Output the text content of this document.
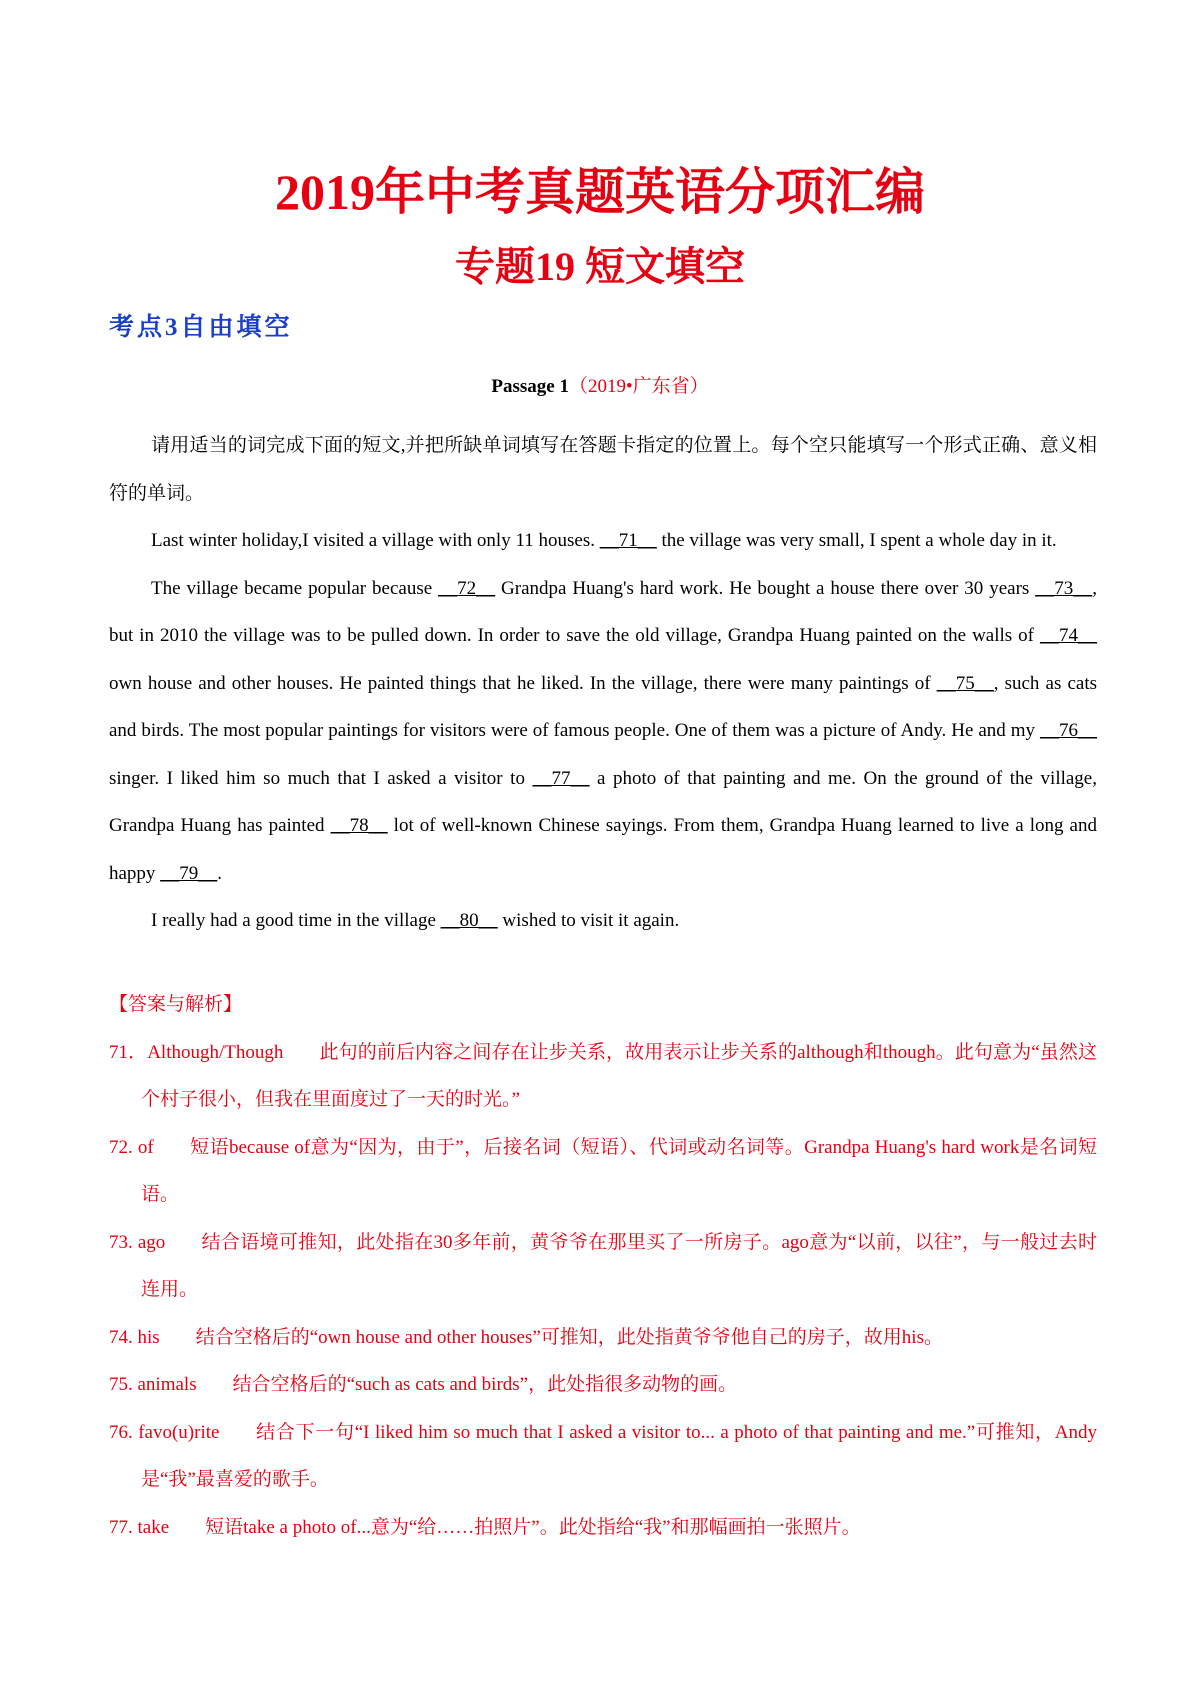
2019年中考真题英语分项汇编
专题19 短文填空
考点3自由填空
Passage 1（2019•广东省）

请用适当的词完成下面的短文,并把所缺单词填写在答题卡指定的位置上。每个空只能填写一个形式正确、意义相符的单词。

Last winter holiday,I visited a village with only 11 houses. __71__ the village was very small, I spent a whole day in it.

The village became popular because __72__ Grandpa Huang's hard work. He bought a house there over 30 years __73__, but in 2010 the village was to be pulled down. In order to save the old village, Grandpa Huang painted on the walls of __74__ own house and other houses. He painted things that he liked. In the village, there were many paintings of __75__, such as cats and birds. The most popular paintings for visitors were of famous people. One of them was a picture of Andy. He and my __76__ singer. I liked him so much that I asked a visitor to __77__ a photo of that painting and me. On the ground of the village, Grandpa Huang has painted __78__ lot of well-known Chinese sayings. From them, Grandpa Huang learned to live a long and happy __79__.

I really had a good time in the village __80__ wished to visit it again.

【答案与解析】

71．Although/Though 此句的前后内容之间存在让步关系，故用表示让步关系的although和though。此句意为“虽然这个村子很小，但我在里面度过了一天的时光。”

72. of 短语because of意为“因为，由于”，后接名词（短语）、代词或动名词等。Grandpa Huang's hard work是名词短语。

73. ago 结合语境可推知，此处指在30多年前，黄爷爷在那里买了一所房子。ago意为“以前，以往”，与一般过去时连用。

74. his 结合空格后的“own house and other houses”可推知，此处指黄爷爷他自己的房子，故用his。

75. animals 结合空格后的“such as cats and birds”，此处指很多动物的画。

76. favo(u)rite 结合下一句“I liked him so much that I asked a visitor to... a photo of that painting and me.”可推知，Andy是“我”最喜爱的歌手。

77. take 短语take a photo of...意为“给……拍照片”。此处指给“我”和那幅画拍一张照片。
